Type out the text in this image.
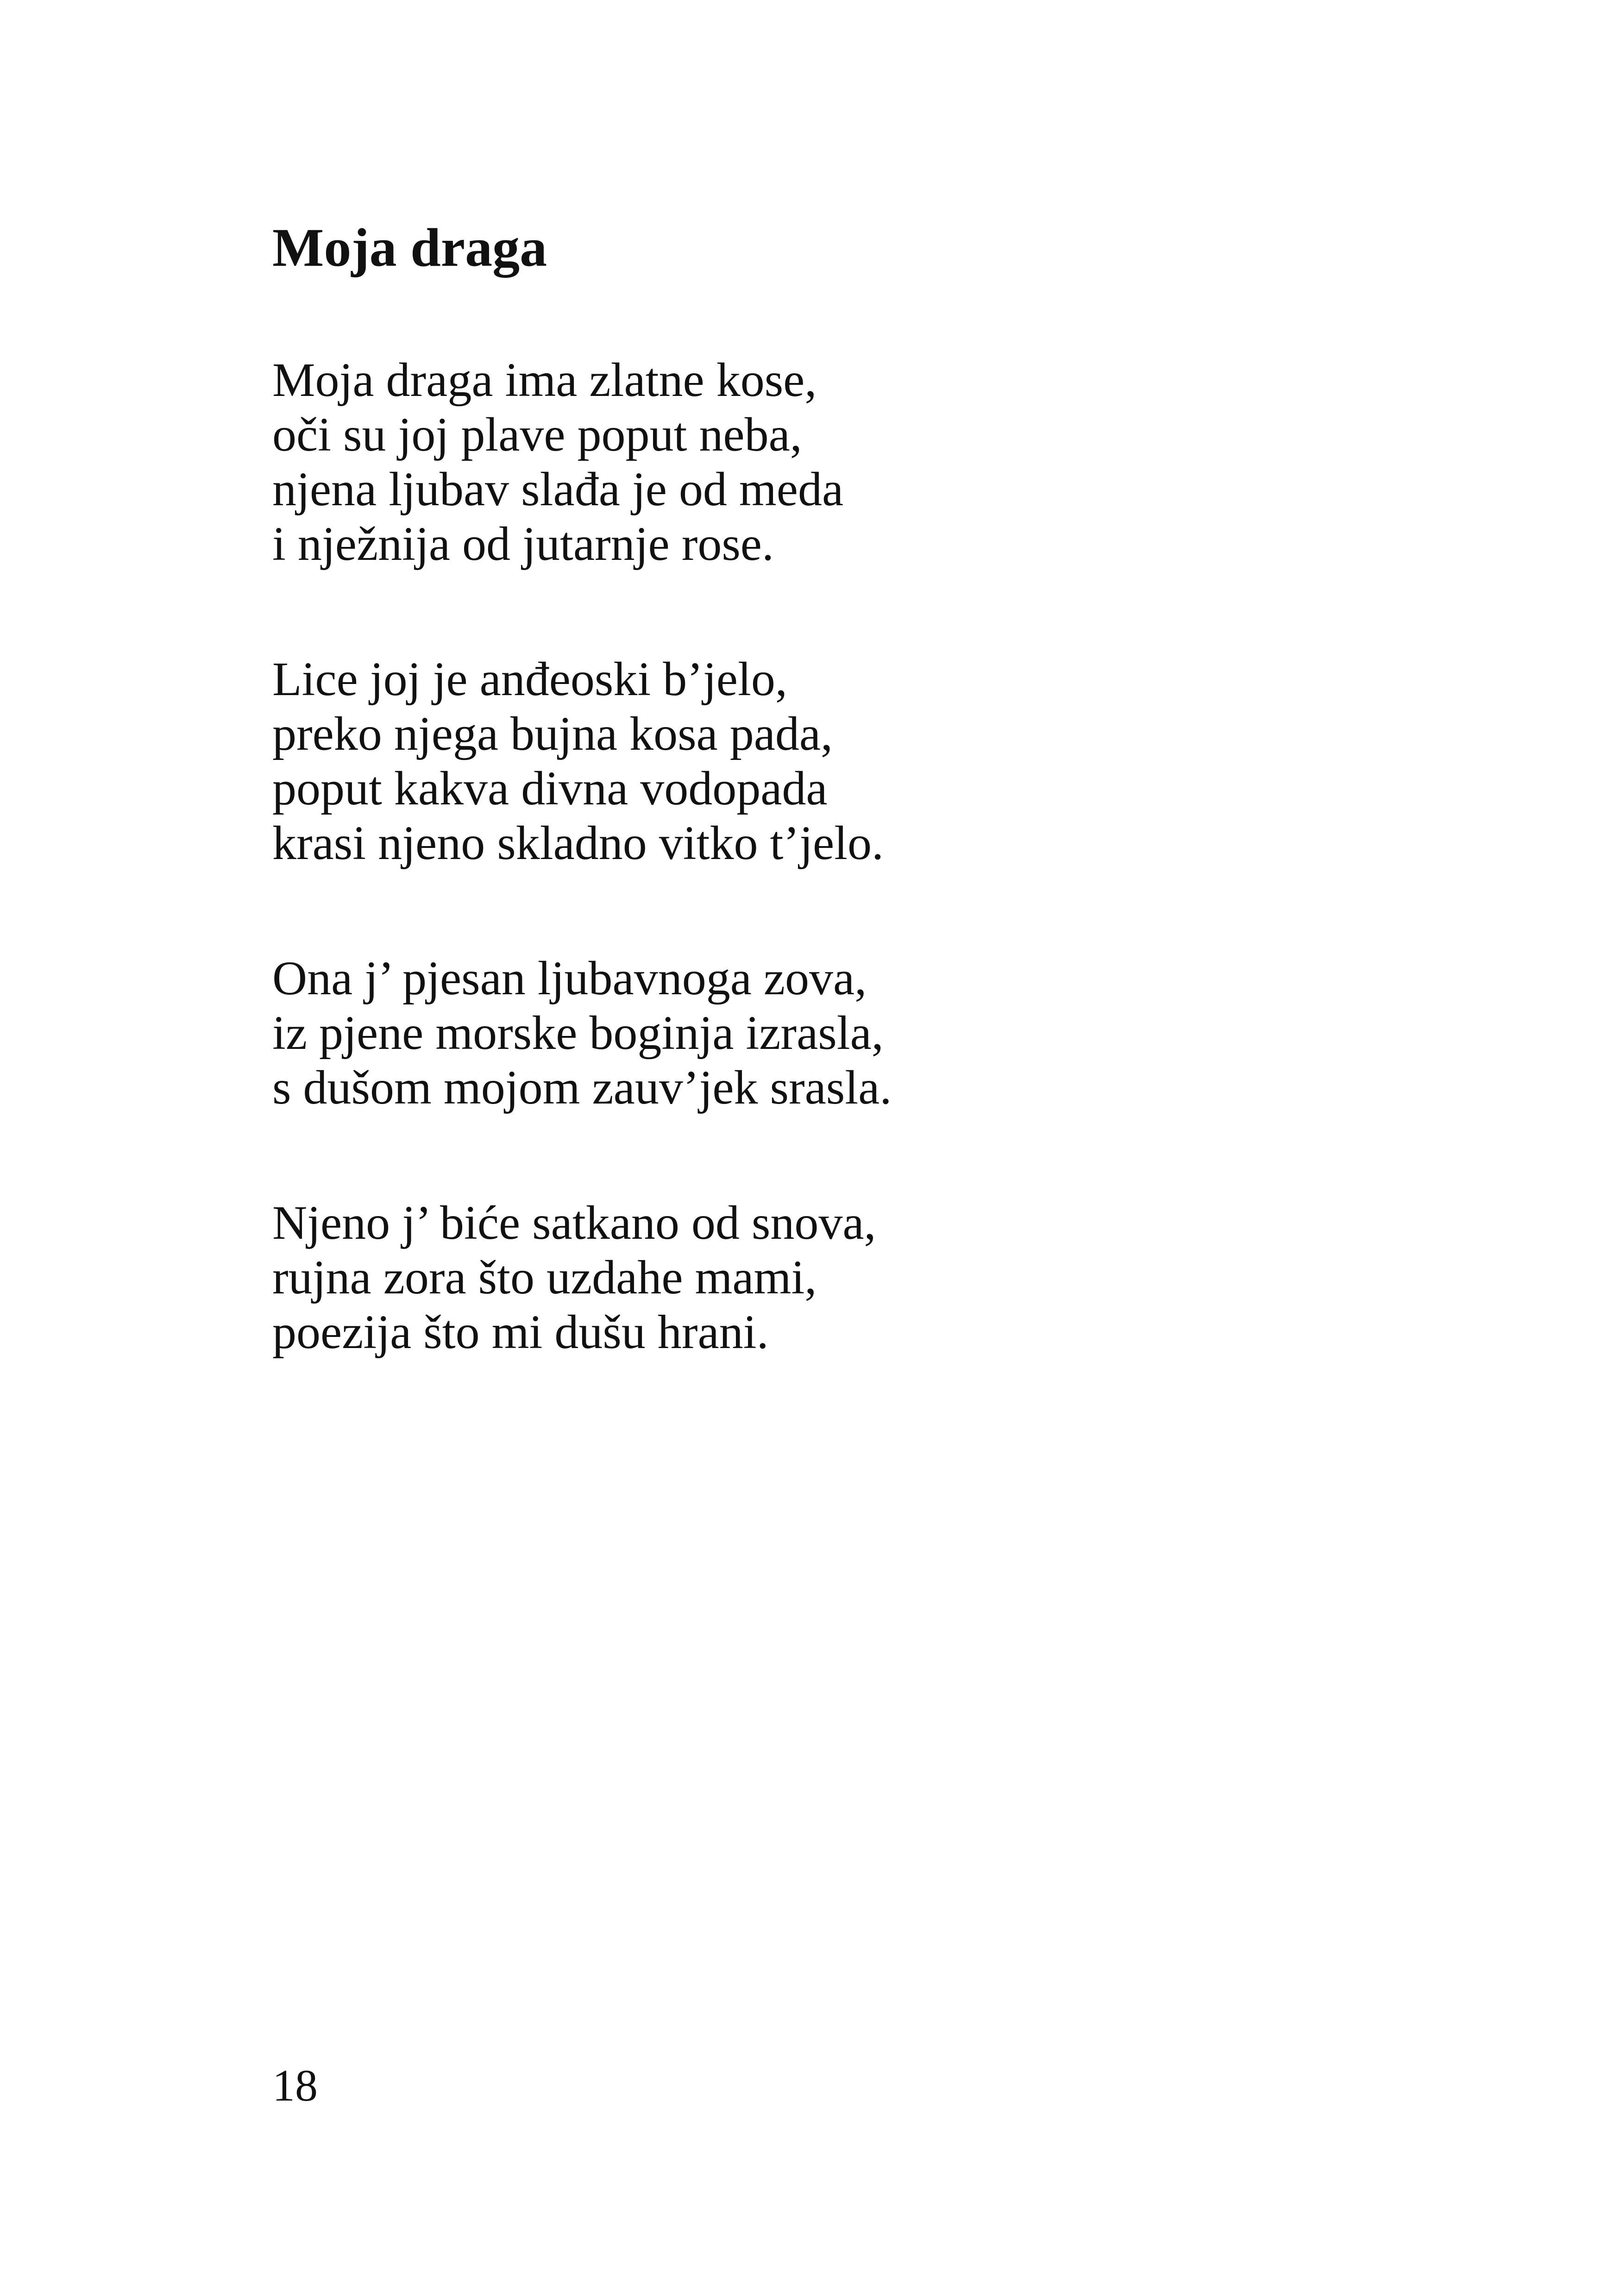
Moja draga
Moja draga ima zlatne kose,
oči su joj plave poput neba,
njena ljubav slađa je od meda
i nježnija od jutarnje rose.
Lice joj je anđeoski b’jelo,
preko njega bujna kosa pada,
poput kakva divna vodopada
krasi njeno skladno vitko t’jelo.
Ona j’ pjesan ljubavnoga zova,
iz pjene morske boginja izrasla,
s dušom mojom zauv’jek srasla.
Njeno j’ biće satkano od snova,
rujna zora što uzdahe mami,
poezija što mi dušu hrani.
18
